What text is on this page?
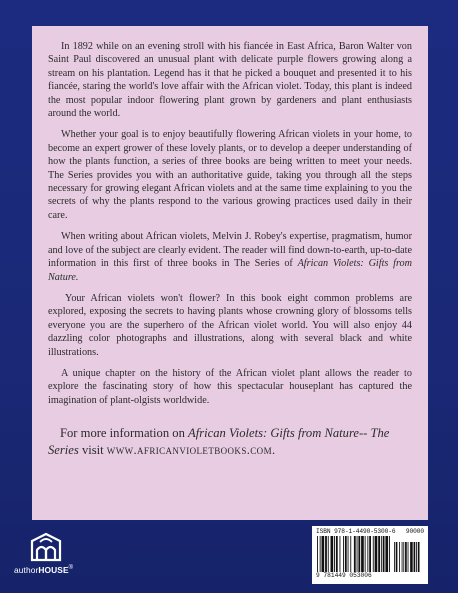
In 1892 while on an evening stroll with his fiancée in East Africa, Baron Walter von Saint Paul discovered an unusual plant with delicate purple flowers growing along a stream on his plantation. Legend has it that he picked a bouquet and presented it to his fiancée, staring the world's love affair with the African violet. Today, this plant is indeed the most popular indoor flowering plant grown by gardeners and plant enthusiasts around the world.

Whether your goal is to enjoy beautifully flowering African violets in your home, to become an expert grower of these lovely plants, or to develop a deeper understanding of how the plants function, a series of three books are being written to meet your needs. The Series provides you with an authoritative guide, taking you through all the steps necessary for growing elegant African violets and at the same time explaining to you the secrets of why the plants respond to the various growing practices used daily in their care.

When writing about African violets, Melvin J. Robey's expertise, pragmatism, humor and love of the subject are clearly evident. The reader will find down-to-earth, up-to-date information in this first of three books in The Series of African Violets: Gifts from Nature.

Your African violets won't flower? In this book eight common problems are explored, exposing the secrets to having plants whose crowning glory of blossoms tells everyone you are the superhero of the African violet world. You will also enjoy 44 dazzling color photographs and illustrations, along with several black and white illustrations.

A unique chapter on the history of the African violet plant allows the reader to explore the fascinating story of how this spectacular houseplant has captured the imagination of plant-olgists worldwide.

For more information on African Violets: Gifts from Nature-- The Series visit www.africanvioletbooks.com.
authorHOUSE®
ISBN 978-1-4490-5300-6 90000
9 781449 053006
